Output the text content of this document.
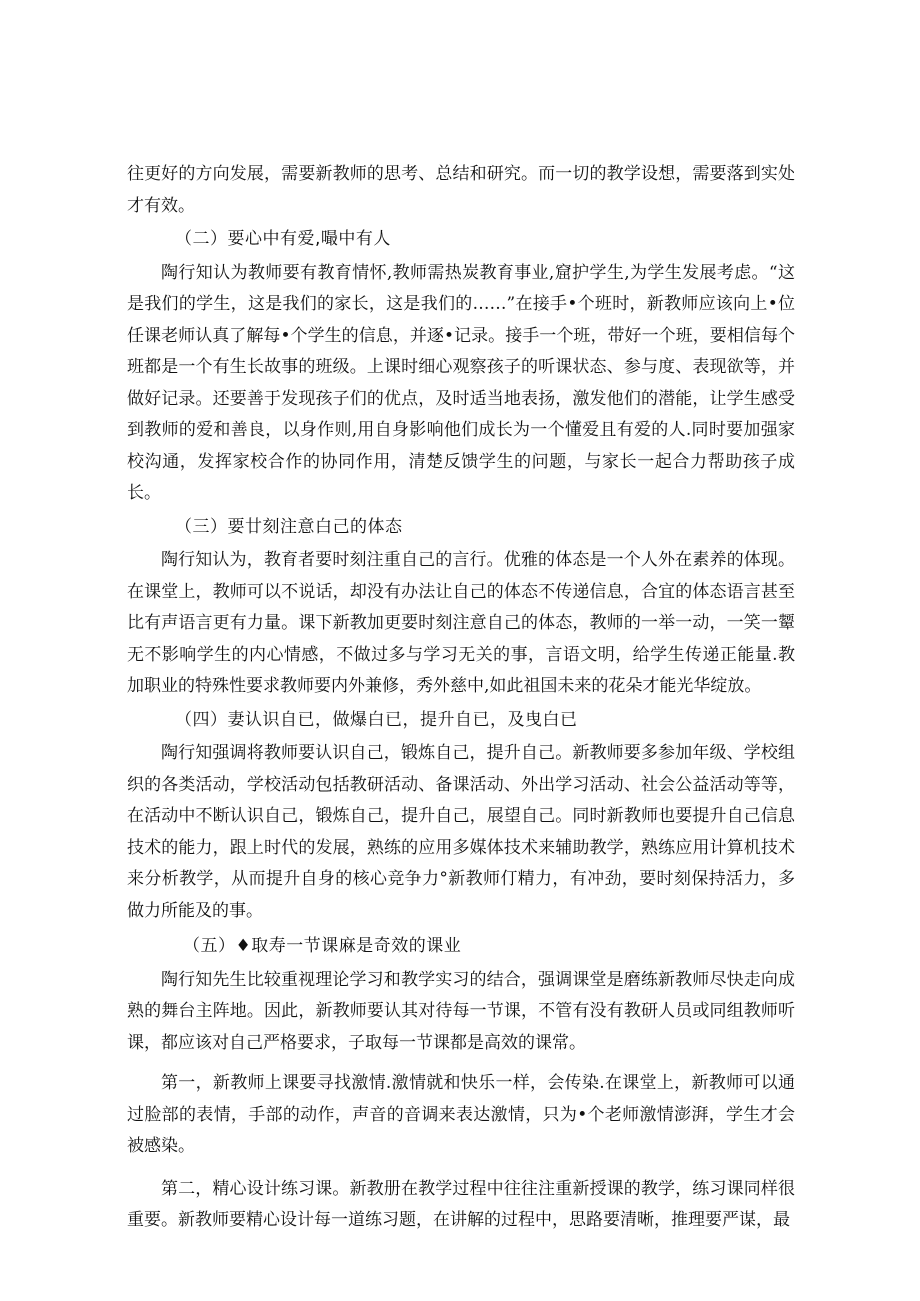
往更好的方向发展，需要新教师的思考、总结和研究。而一切的教学设想，需要落到实处才有效。

（二）要心中有爱,嘬中有人

陶行知认为教师要有教育情怀,教师需热炭教育事业,窟护学生,为学生发展考虑。“这是我们的学生，这是我们的家长，这是我们的……”在接手•个班时，新教师应该向上•位任课老师认真了解每•个学生的信息，并逐•记录。接手一个班，带好一个班，要相信每个班都是一个有生长故事的班级。上课时细心观察孩子的听课状态、参与度、表现欲等，并做好记录。还要善于发现孩子们的优点，及时适当地表扬，激发他们的潜能，让学生感受到教师的爱和善良，以身作则,用自身影响他们成长为一个懂爱且有爱的人.同时要加强家校沟通，发挥家校合作的协同作用，清楚反馈学生的问题，与家长一起合力帮助孩子成长。

（三）要廿刻注意白己的体态

陶行知认为，教育者要时刻注重自己的言行。优雅的体态是一个人外在素养的体现。在课堂上，教师可以不说话，却没有办法让自己的体态不传递信息，合宜的体态语言甚至比有声语言更有力量。课下新教加更要时刻注意自己的体态，教师的一举一动，一笑一颦无不影响学生的内心情感，不做过多与学习无关的事，言语文明，给学生传递正能量.教加职业的特殊性要求教师要内外兼修，秀外慈中,如此祖国未来的花朵才能光华绽放。

（四）妻认识自已，做爆白已，提升自已，及曳白已

陶行知强调将教师要认识自己，锻炼自己，提升自己。新教师要多参加年级、学校组织的各类活动，学校活动包括教研活动、备课活动、外出学习活动、社会公益活动等等，在活动中不断认识自己，锻炼自己，提升自己，展望自己。同时新教师也要提升自己信息技术的能力，跟上时代的发展，熟练的应用多媒体技术来辅助教学，熟练应用计算机技术来分析教学，从而提升自身的核心竞争力°新教师仃精力，有冲劲，要时刻保持活力，多做力所能及的事。

（五）♦取寿一节课麻是奇效的课业

陶行知先生比较重视理论学习和教学实习的结合，强调课堂是磨练新教师尽快走向成熟的舞台主阵地。因此，新教师要认其对待每一节课，不管有没有教研人员或同组教师听课，都应该对自己严格要求，子取每一节课都是高效的课常。

第一，新教师上课要寻找激情.激情就和快乐一样，会传染.在课堂上，新教师可以通过脸部的表情，手部的动作，声音的音调来表达激情，只为•个老师激情澎湃，学生才会被感染。

第二，精心设计练习课。新教册在教学过程中往往注重新授课的教学，练习课同样很重要。新教师要精心设计每一道练习题，在讲解的过程中，思路要清晰，推理要严谋，最
